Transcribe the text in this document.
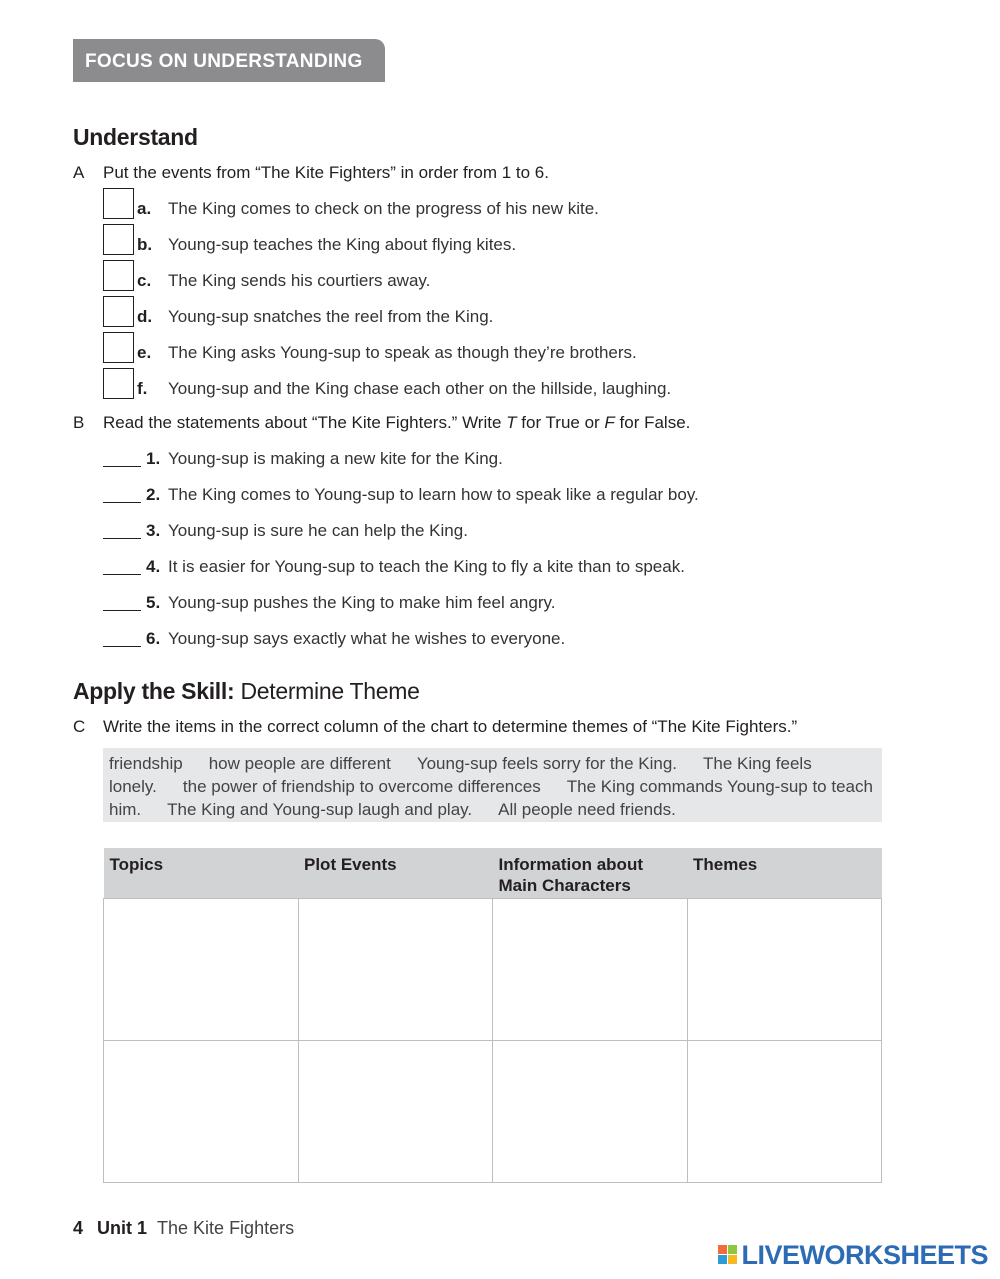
FOCUS ON UNDERSTANDING
Understand
A Put the events from “The Kite Fighters” in order from 1 to 6.
a. The King comes to check on the progress of his new kite.
b. Young-sup teaches the King about flying kites.
c. The King sends his courtiers away.
d. Young-sup snatches the reel from the King.
e. The King asks Young-sup to speak as though they’re brothers.
f. Young-sup and the King chase each other on the hillside, laughing.
B Read the statements about “The Kite Fighters.” Write T for True or F for False.
1. Young-sup is making a new kite for the King.
2. The King comes to Young-sup to learn how to speak like a regular boy.
3. Young-sup is sure he can help the King.
4. It is easier for Young-sup to teach the King to fly a kite than to speak.
5. Young-sup pushes the King to make him feel angry.
6. Young-sup says exactly what he wishes to everyone.
Apply the Skill: Determine Theme
C Write the items in the correct column of the chart to determine themes of “The Kite Fighters.”
friendship how people are different Young-sup feels sorry for the King. The King feels lonely. the power of friendship to overcome differences The King commands Young-sup to teach him. The King and Young-sup laugh and play. All people need friends.
Topics	Plot Events	Information about Main Characters	Themes

4 Unit 1 The Kite Fighters
LIVEWORKSHEETS
